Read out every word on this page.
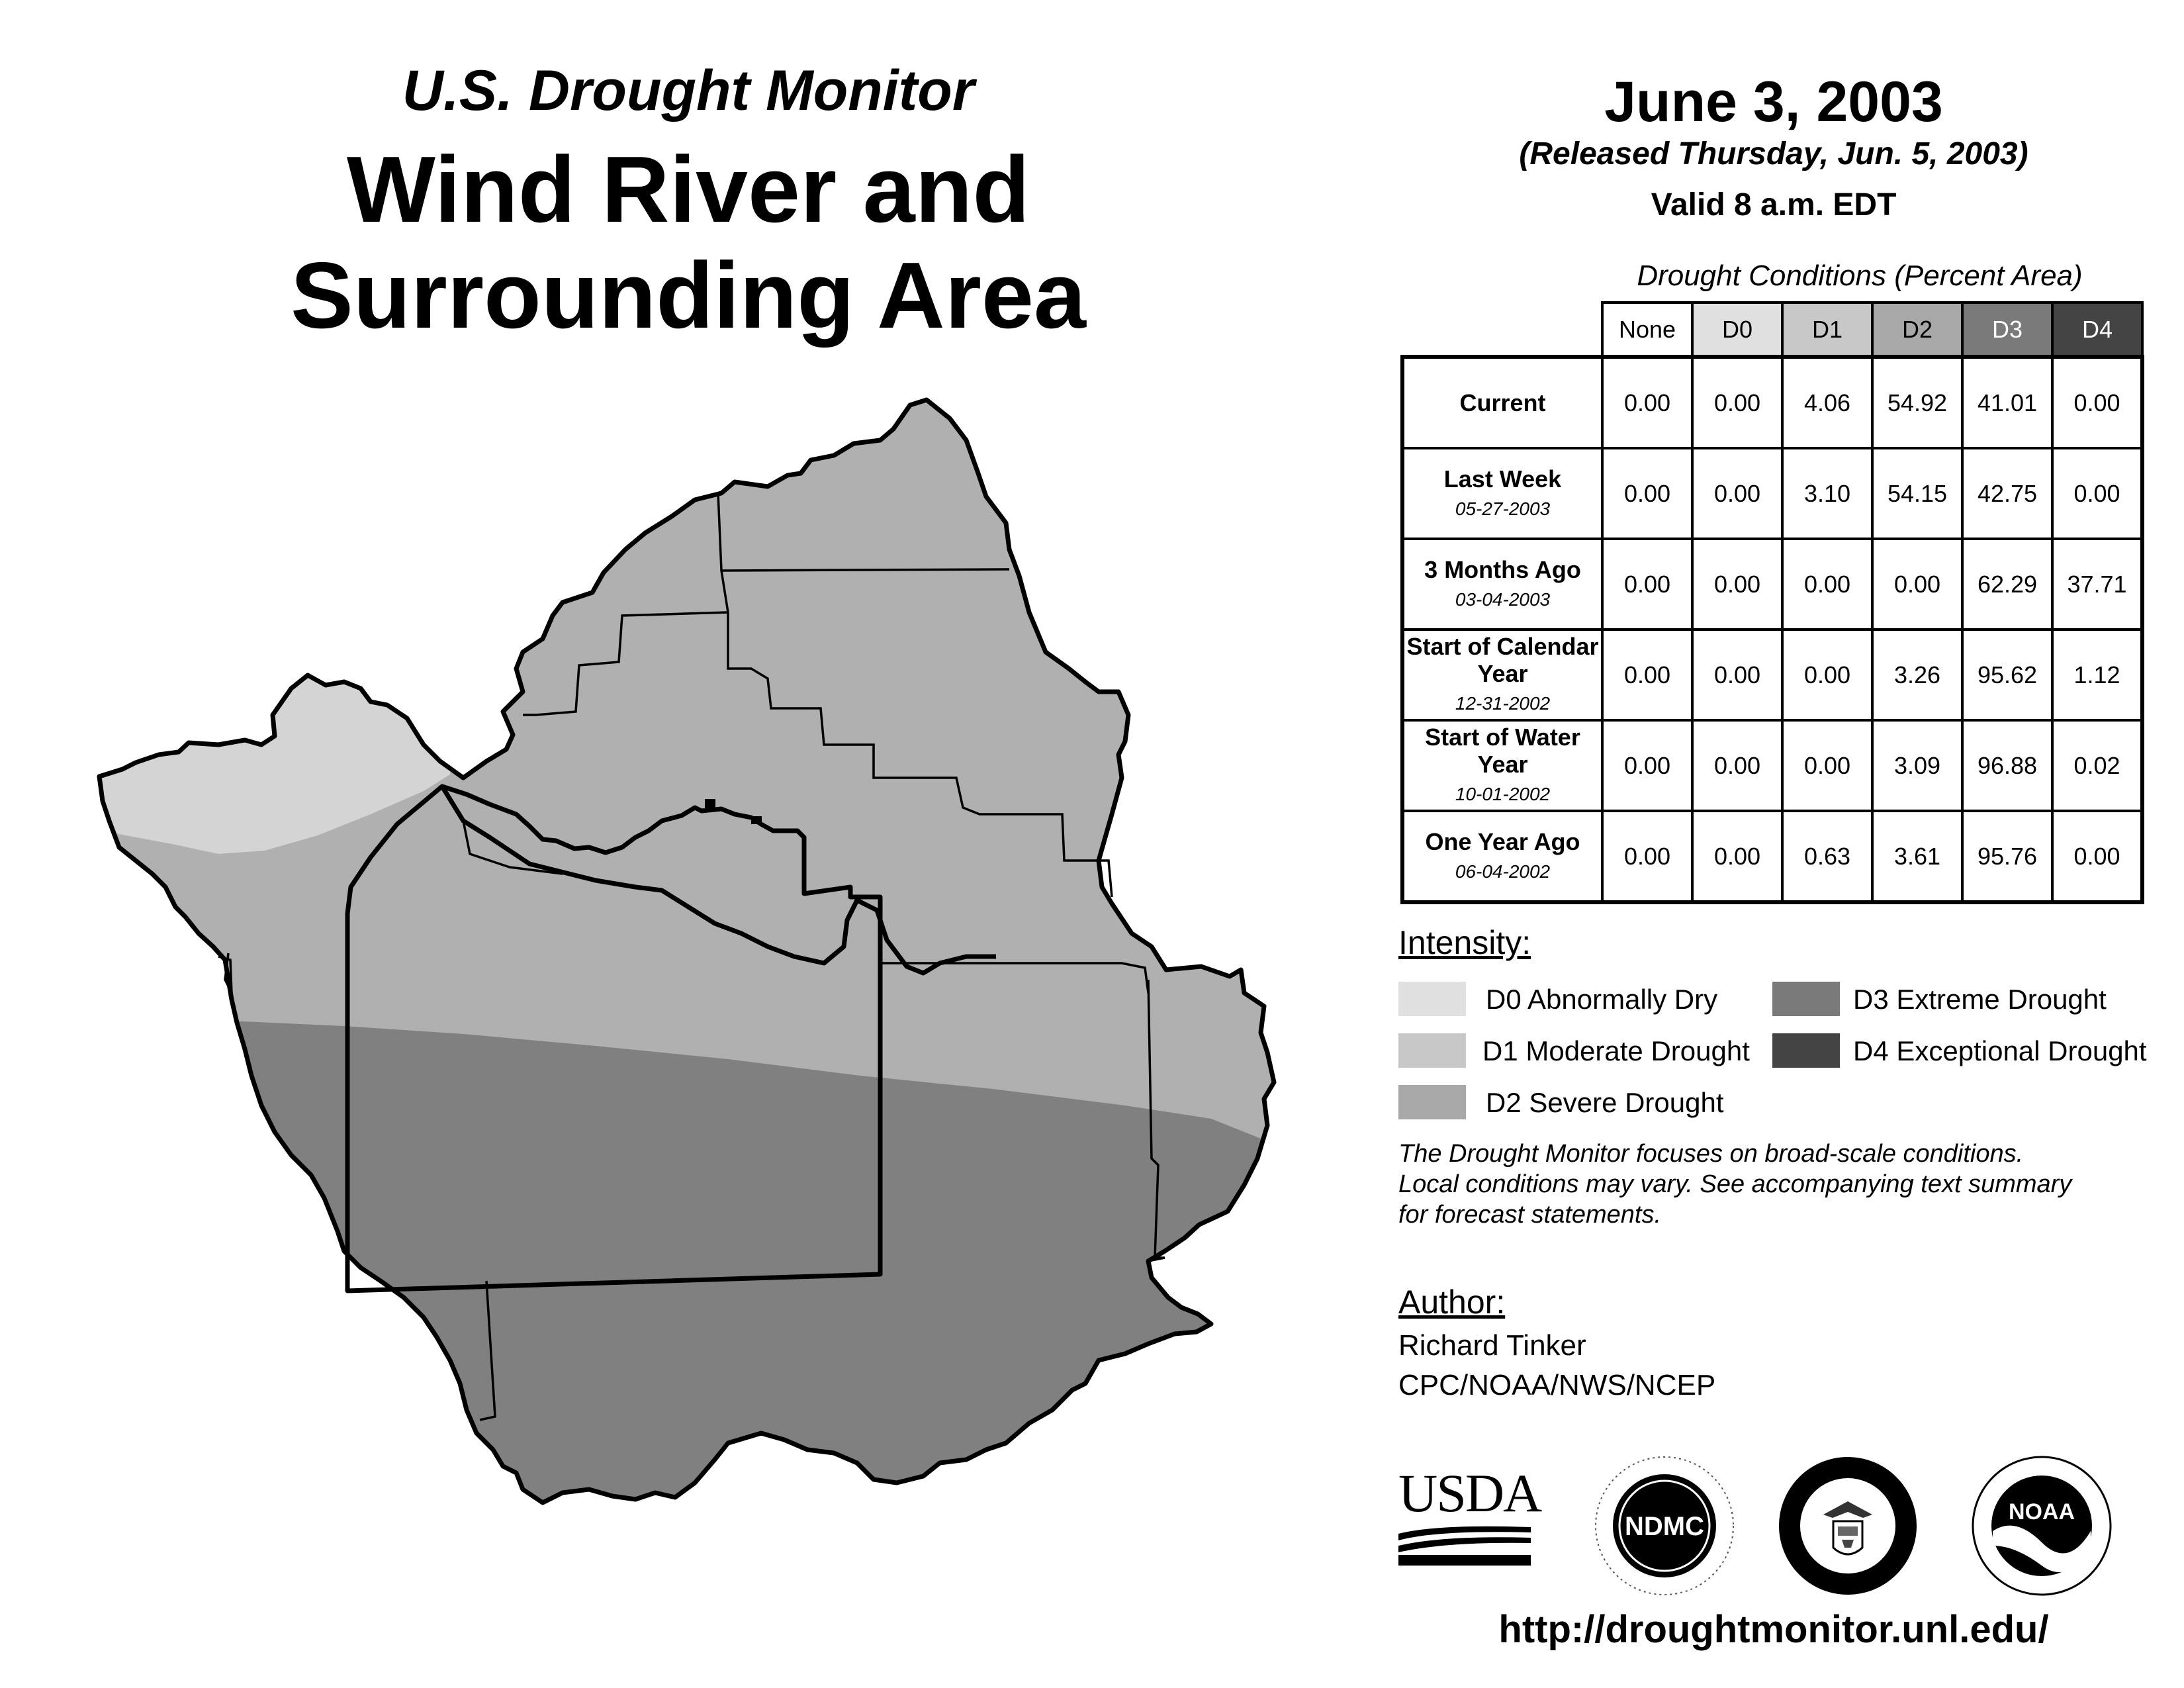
U.S. Drought Monitor
Wind River and
Surrounding Area
June 3, 2003
(Released Thursday, Jun. 5, 2003)
Valid 8 a.m. EDT
Drought Conditions (Percent Area)
	None	D0	D1	D2	D3	D4
Current	0.00	0.00	4.06	54.92	41.01	0.00
Last Week
05-27-2003	0.00	0.00	3.10	54.15	42.75	0.00
3 Months Ago
03-04-2003	0.00	0.00	0.00	0.00	62.29	37.71
Start of Calendar Year
12-31-2002	0.00	0.00	0.00	3.26	95.62	1.12
Start of Water Year
10-01-2002	0.00	0.00	0.00	3.09	96.88	0.02
One Year Ago
06-04-2002	0.00	0.00	0.63	3.61	95.76	0.00
Intensity:
D0 Abnormally Dry
D1 Moderate Drought
D2 Severe Drought
D3 Extreme Drought
D4 Exceptional Drought
The Drought Monitor focuses on broad-scale conditions.
Local conditions may vary. See accompanying text summary
for forecast statements.
Author:
Richard Tinker
CPC/NOAA/NWS/NCEP
USDA
NDMC	NOAA
http://droughtmonitor.unl.edu/
